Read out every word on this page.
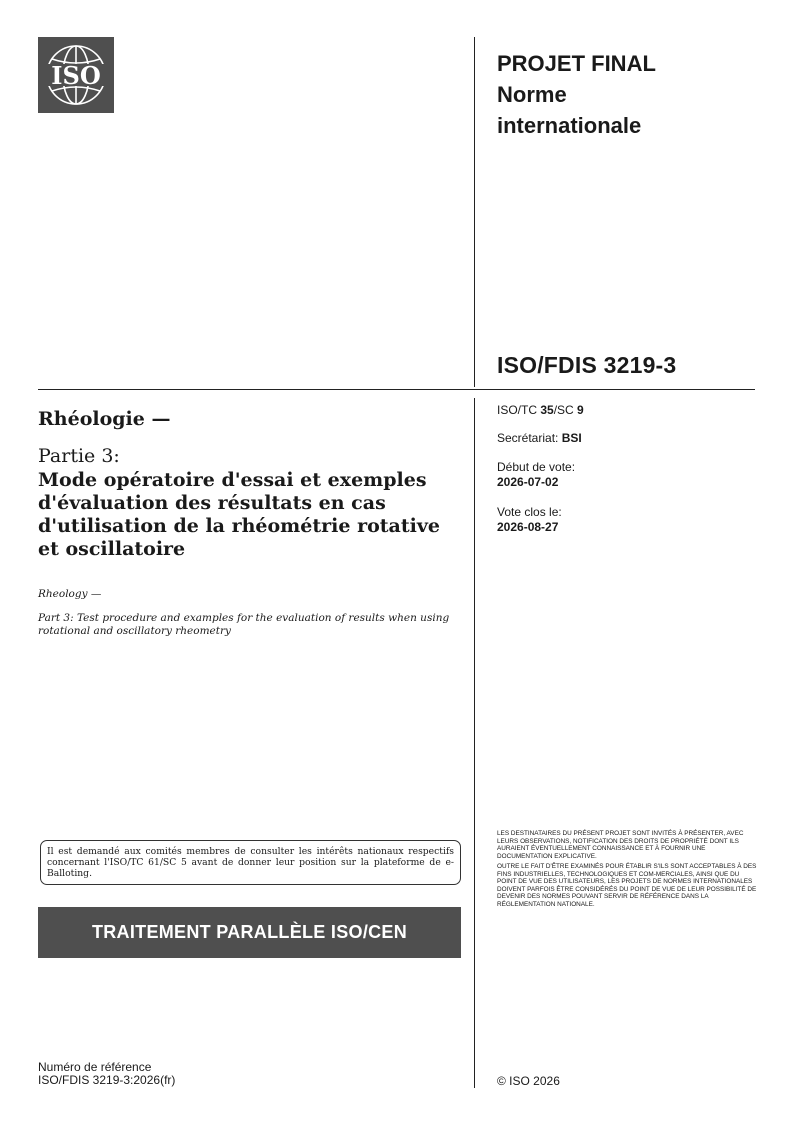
ISO	PROJET FINAL
Norme
internationale
ISO/FDIS 3219-3
Rhéologie —
Partie 3:
Mode opératoire d'essai et exemples d'évaluation des résultats en cas d'utilisation de la rhéométrie rotative et oscillatoire
Rheology —
Part 3: Test procedure and examples for the evaluation of results when using rotational and oscillatory rheometry
ISO/TC 35/SC 9
Secrétariat: BSI
Début de vote:
2026-07-02
Vote clos le:
2026-08-27
Il est demandé aux comités membres de consulter les intérêts nationaux respectifs concernant l'ISO/TC 61/SC 5 avant de donner leur position sur la plateforme de e-Balloting.
TRAITEMENT PARALLÈLE ISO/CEN

LES DESTINATAIRES DU PRÉSENT PROJET SONT INVITÉS À PRÉSENTER, AVEC LEURS OBSERVATIONS, NOTIFICATION DES DROITS DE PROPRIÉTÉ DONT ILS AURAIENT ÉVENTUELLEMENT CONNAISSANCE ET À FOURNIR UNE DOCUMENTATION EXPLICATIVE.

OUTRE LE FAIT D'ÊTRE EXAMINÉS POUR ÉTABLIR S'ILS SONT ACCEPTABLES À DES FINS INDUSTRIELLES, TECHNOLOGIQUES ET COM-MERCIALES, AINSI QUE DU POINT DE VUE DES UTILISATEURS, LES PROJETS DE NORMES INTERNATIONALES DOIVENT PARFOIS ÊTRE CONSIDÉRÉS DU POINT DE VUE DE LEUR POSSIBILITÉ DE DEVENIR DES NORMES POUVANT SERVIR DE RÉFÉRENCE DANS LA RÉGLEMENTATION NATIONALE.

Numéro de référence
ISO/FDIS 3219-3:2026(fr)	© ISO 2026
